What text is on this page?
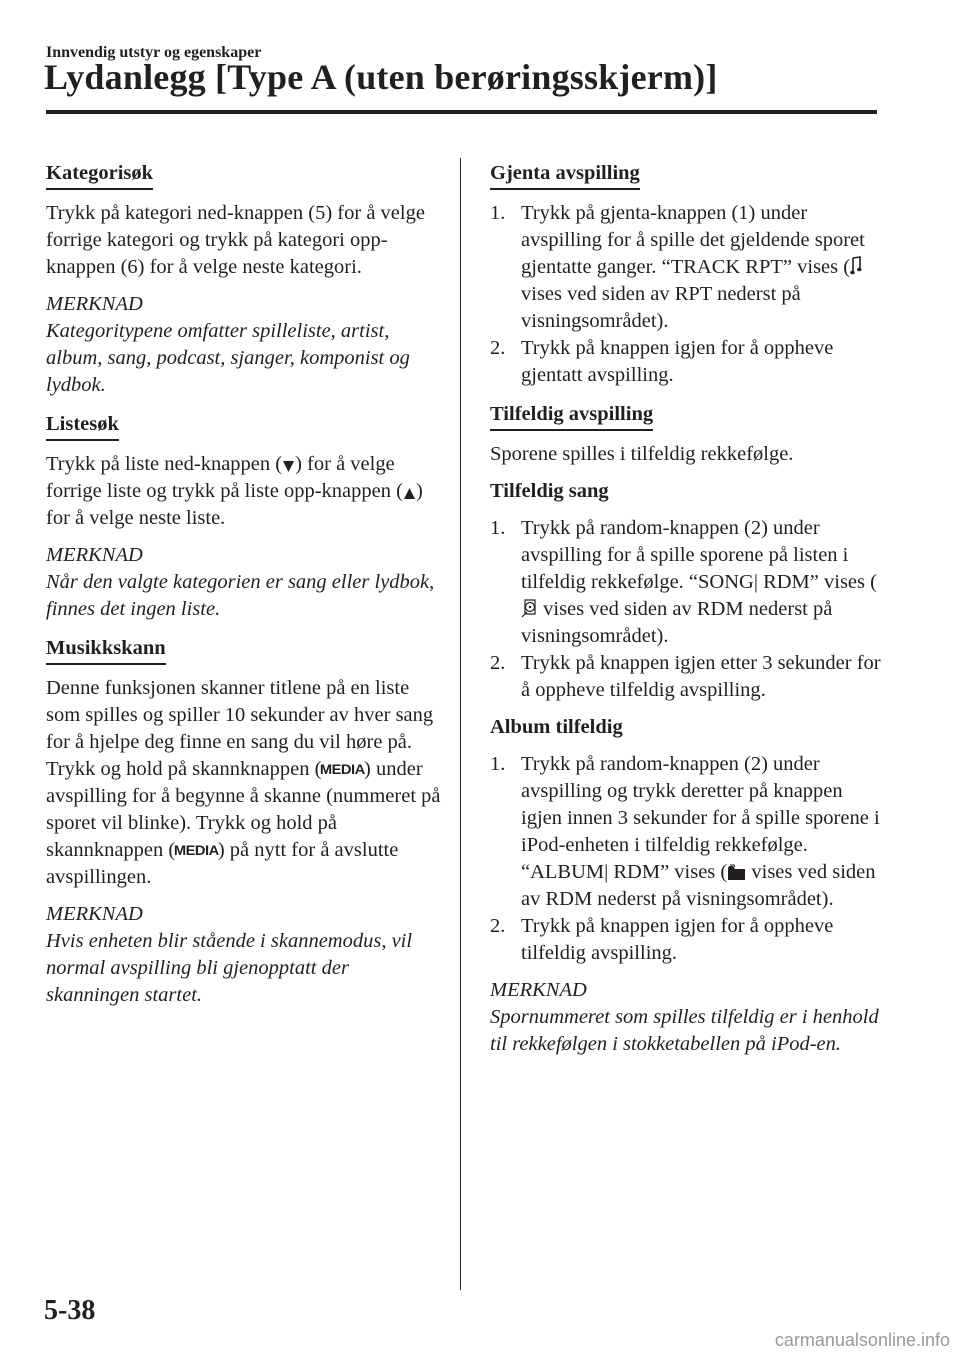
Innvendig utstyr og egenskaper
Lydanlegg [Type A (uten berøringsskjerm)]
Kategorisøk

Trykk på kategori ned-knappen (5) for å velge forrige kategori og trykk på kategori opp-knappen (6) for å velge neste kategori.

MERKNAD
Kategoritypene omfatter spilleliste, artist, album, sang, podcast, sjanger, komponist og lydbok.
Listesøk

Trykk på liste ned-knappen ( ) for å velge forrige liste og trykk på liste opp-knappen ( ) for å velge neste liste.

MERKNAD
Når den valgte kategorien er sang eller lydbok, finnes det ingen liste.
Musikkskann

Denne funksjonen skanner titlene på en liste som spilles og spiller 10 sekunder av hver sang for å hjelpe deg finne en sang du vil høre på.

Trykk og hold på skannknappen (MEDIA) under avspilling for å begynne å skanne (nummeret på sporet vil blinke). Trykk og hold på skannknappen (MEDIA) på nytt for å avslutte avspillingen.

MERKNAD
Hvis enheten blir stående i skannemodus, vil normal avspilling bli gjenopptatt der skanningen startet.
Gjenta avspilling
1. Trykk på gjenta-knappen (1) under avspilling for å spille det gjeldende sporet gjentatte ganger. “TRACK RPT” vises ( vises ved siden av RPT nederst på visningsområdet).
2. Trykk på knappen igjen for å oppheve gjentatt avspilling.
Tilfeldig avspilling

Sporene spilles i tilfeldig rekkefølge.

Tilfeldig sang
1. Trykk på random-knappen (2) under avspilling for å spille sporene på listen i tilfeldig rekkefølge. “SONG| RDM” vises ( vises ved siden av RDM nederst på visningsområdet).
2. Trykk på knappen igjen etter 3 sekunder for å oppheve tilfeldig avspilling.
Album tilfeldig
1. Trykk på random-knappen (2) under avspilling og trykk deretter på knappen igjen innen 3 sekunder for å spille sporene i iPod-enheten i tilfeldig rekkefølge. “ALBUM| RDM” vises ( vises ved siden av RDM nederst på visningsområdet).
2. Trykk på knappen igjen for å oppheve tilfeldig avspilling.
MERKNAD
Spornummeret som spilles tilfeldig er i henhold til rekkefølgen i stokketabellen på iPod-en.
5-38
carmanualsonline.info
